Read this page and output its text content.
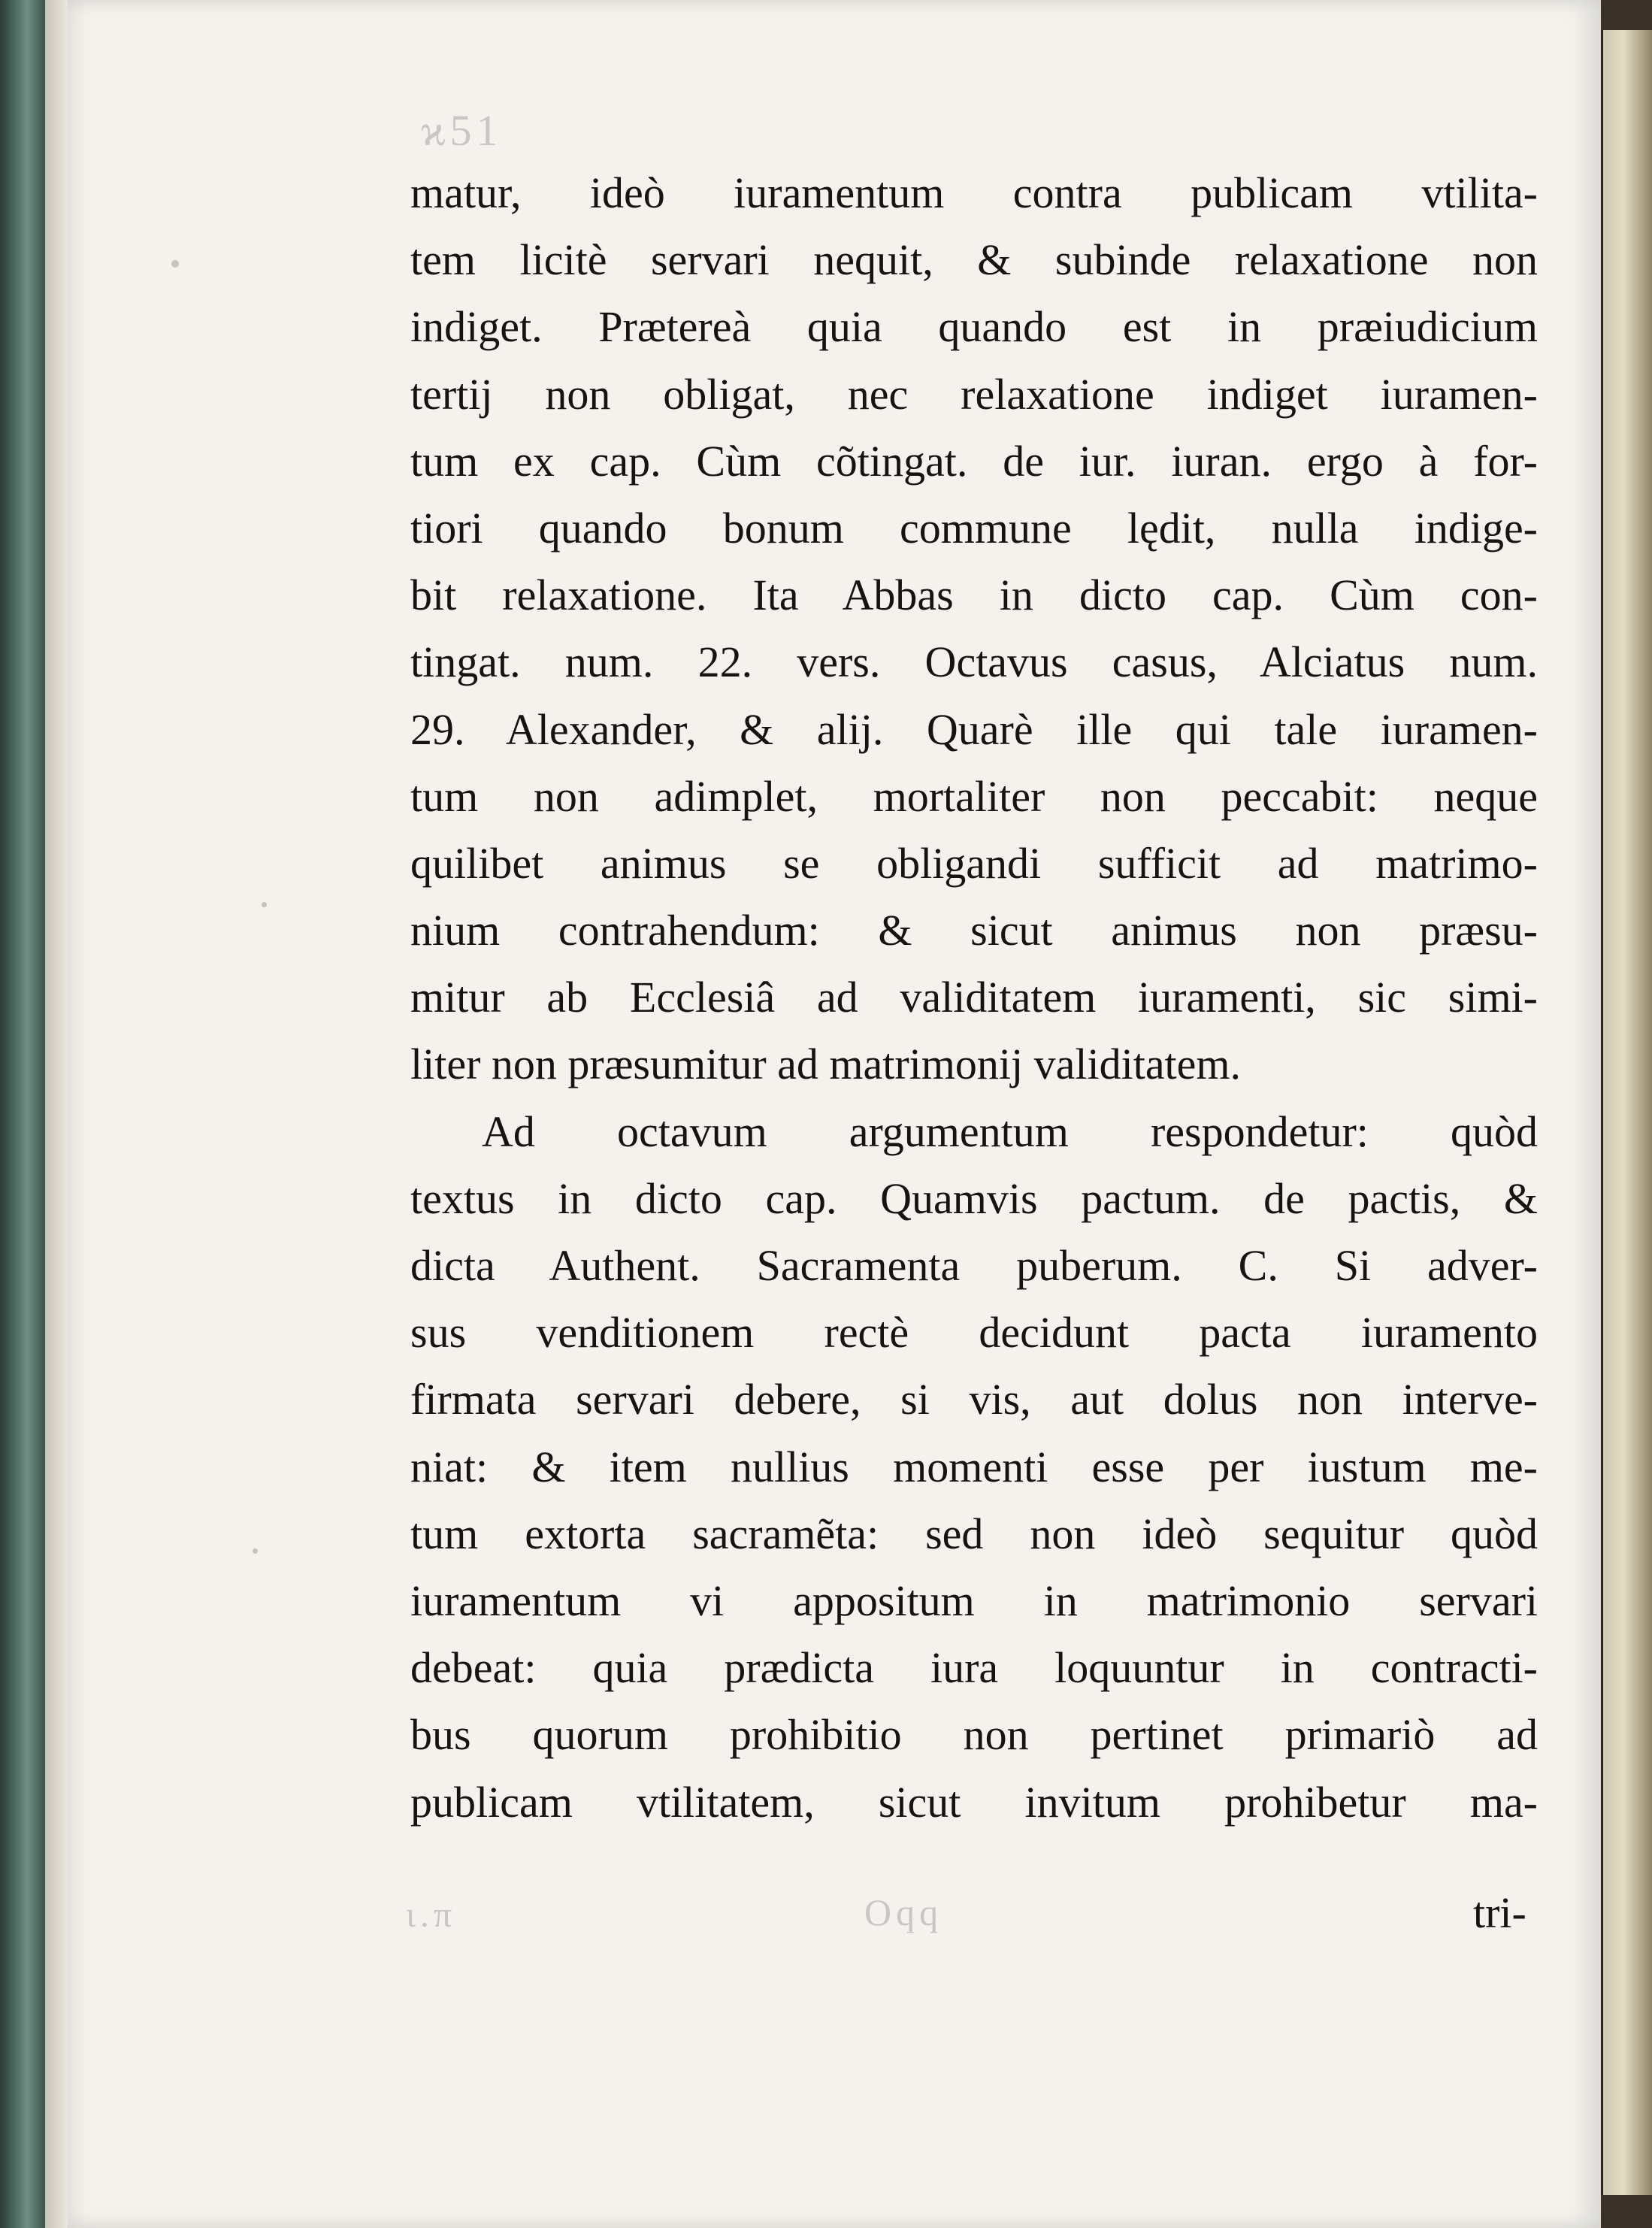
ϰ51
ι.π	Oqq
matur, ideò iuramentum contra publicam vtilita-
tem licitè servari nequit, & subinde relaxatione non
indiget. Prætereà quia quando est in præiudicium
tertij non obligat, nec relaxatione indiget iuramen-
tum ex cap. Cùm cõtingat. de iur. iuran. ergo à for-
tiori quando bonum commune lędit, nulla indige-
bit relaxatione. Ita Abbas in dicto cap. Cùm con-
tingat. num. 22. vers. Octavus casus, Alciatus num.
29. Alexander, & alij. Quarè ille qui tale iuramen-
tum non adimplet, mortaliter non peccabit: neque
quilibet animus se obligandi sufficit ad matrimo-
nium contrahendum: & sicut animus non præsu-
mitur ab Ecclesiâ ad validitatem iuramenti, sic simi-
liter non præsumitur ad matrimonij validitatem.
Ad octavum argumentum respondetur: quòd
textus in dicto cap. Quamvis pactum. de pactis, &
dicta Authent. Sacramenta puberum. C. Si adver-
sus venditionem rectè decidunt pacta iuramento
firmata servari debere, si vis, aut dolus non interve-
niat: & item nullius momenti esse per iustum me-
tum extorta sacramẽta: sed non ideò sequitur quòd
iuramentum vi appositum in matrimonio servari
debeat: quia prædicta iura loquuntur in contracti-
bus quorum prohibitio non pertinet primariò ad
publicam vtilitatem, sicut invitum prohibetur ma-
tri-
